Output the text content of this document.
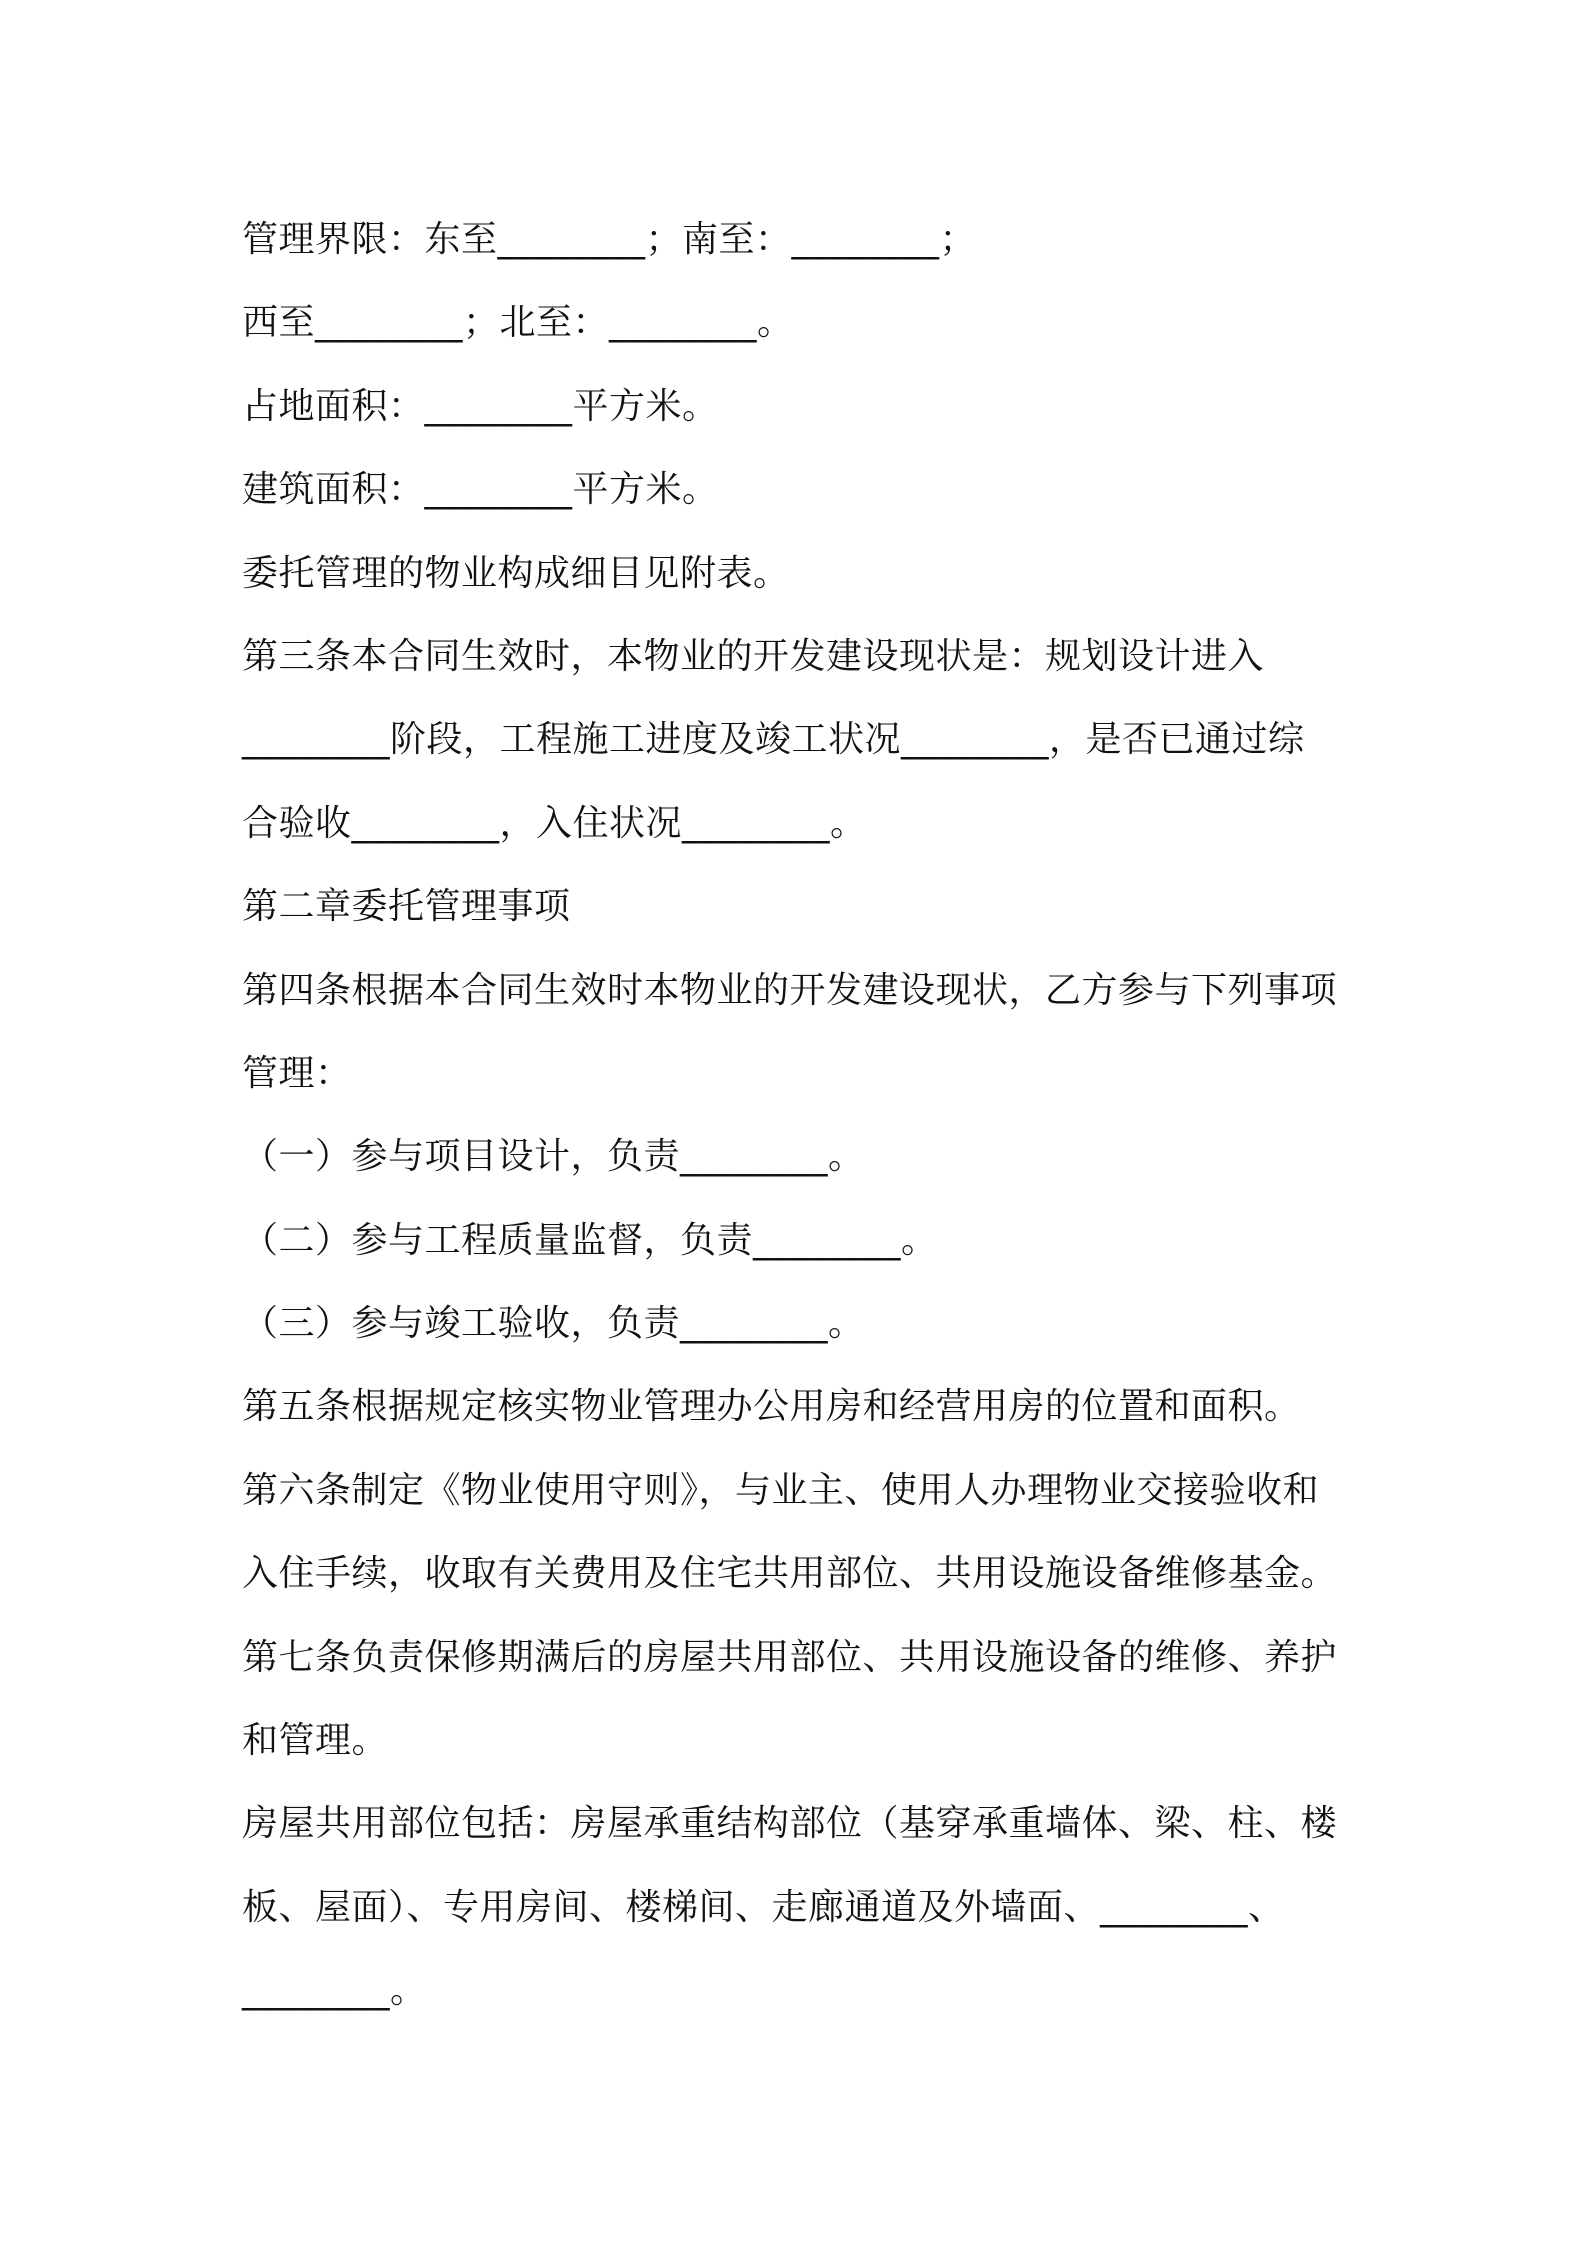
管理界限：东至________；南至：________；
西至________；北至：________。
占地面积：________平方米。
建筑面积：________平方米。
委托管理的物业构成细目见附表。
第三条本合同生效时，本物业的开发建设现状是：规划设计进入
________阶段，工程施工进度及竣工状况________，是否已通过综
合验收________，入住状况________。
第二章委托管理事项
第四条根据本合同生效时本物业的开发建设现状，乙方参与下列事项
管理：
（一）参与项目设计，负责________。
（二）参与工程质量监督，负责________。
（三）参与竣工验收，负责________。
第五条根据规定核实物业管理办公用房和经营用房的位置和面积。
第六条制定《物业使用守则》，与业主、使用人办理物业交接验收和
入住手续，收取有关费用及住宅共用部位、共用设施设备维修基金。
第七条负责保修期满后的房屋共用部位、共用设施设备的维修、养护
和管理。
房屋共用部位包括：房屋承重结构部位（基穿承重墙体、梁、柱、楼
板、屋面）、专用房间、楼梯间、走廊通道及外墙面、________、
________。
